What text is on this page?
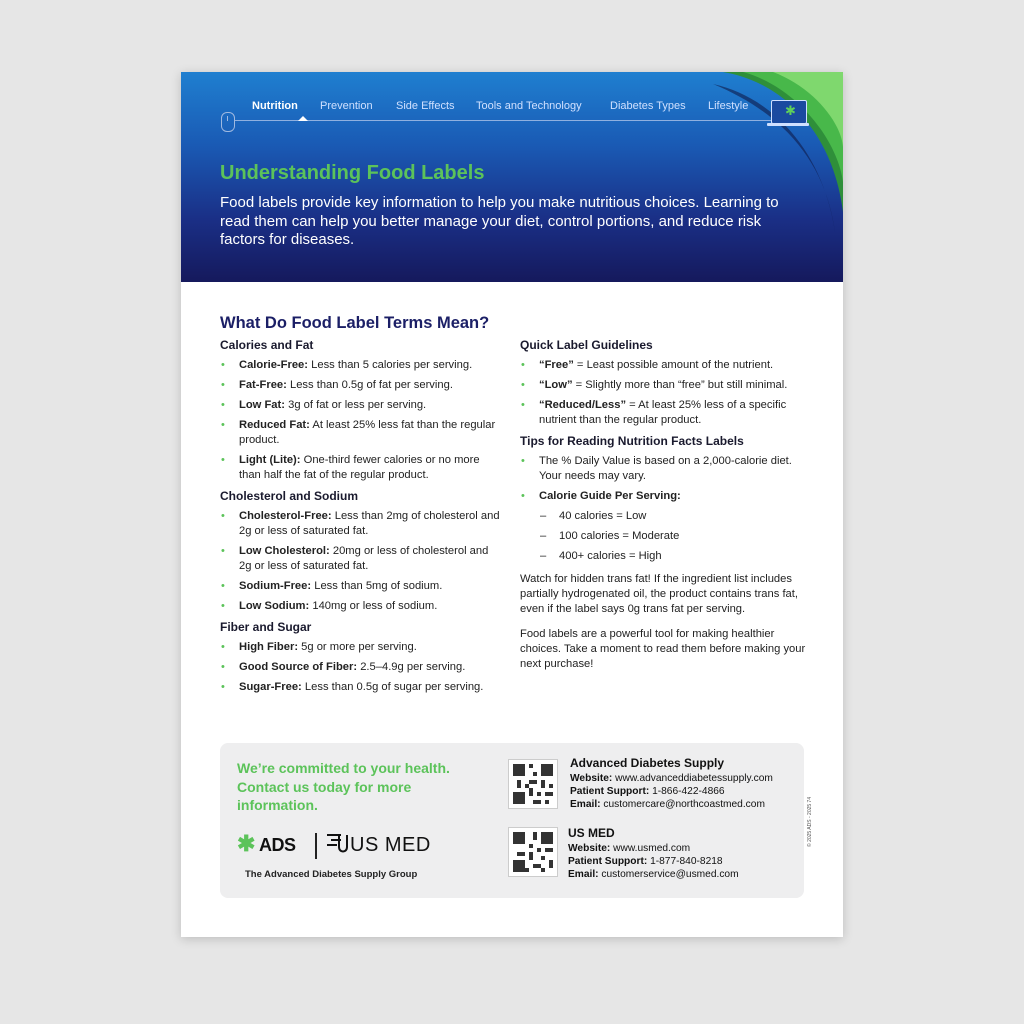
Nutrition Prevention Side Effects Tools and Technology	Diabetes Types Lifestyle	✱
Understanding Food Labels

Food labels provide key information to help you make nutritious choices. Learning to read them can help you better manage your diet, control portions, and reduce risk factors for diseases.

What Do Food Label Terms Mean?

Calories and Fat

• Calorie-Free: Less than 5 calories per serving.
• Fat-Free: Less than 0.5g of fat per serving.
• Low Fat: 3g of fat or less per serving.
• Reduced Fat: At least 25% less fat than the regular product.
• Light (Lite): One-third fewer calories or no more than half the fat of the regular product.

Cholesterol and Sodium

• Cholesterol-Free: Less than 2mg of cholesterol and 2g or less of saturated fat.
• Low Cholesterol: 20mg or less of cholesterol and 2g or less of saturated fat.
• Sodium-Free: Less than 5mg of sodium.
• Low Sodium: 140mg or less of sodium.

Fiber and Sugar

• High Fiber: 5g or more per serving.
• Good Source of Fiber: 2.5–4.9g per serving.
• Sugar-Free: Less than 0.5g of sugar per serving.

Quick Label Guidelines

• “Free” = Least possible amount of the nutrient.
• “Low” = Slightly more than “free” but still minimal.
• “Reduced/Less” = At least 25% less of a specific nutrient than the regular product.

Tips for Reading Nutrition Facts Labels

• The % Daily Value is based on a 2,000-calorie diet. Your needs may vary.
• Calorie Guide Per Serving:
– 40 calories = Low
– 100 calories = Moderate
– 400+ calories = High

Watch for hidden trans fat! If the ingredient list includes partially hydrogenated oil, the product contains trans fat, even if the label says 0g trans fat per serving.

Food labels are a powerful tool for making healthier choices. Take a moment to read them before making your next purchase!

We’re committed to your health. Contact us today for more information.

✱ ADS	US MED
The Advanced Diabetes Supply Group
Advanced Diabetes Supply
Website: www.advanceddiabetessupply.com
Patient Support: 1-866-422-4866
Email: customercare@northcoastmed.com
US MED
Website: www.usmed.com
Patient Support: 1-877-840-8218
Email: customerservice@usmed.com
© 2025 ADS - 2025 74
